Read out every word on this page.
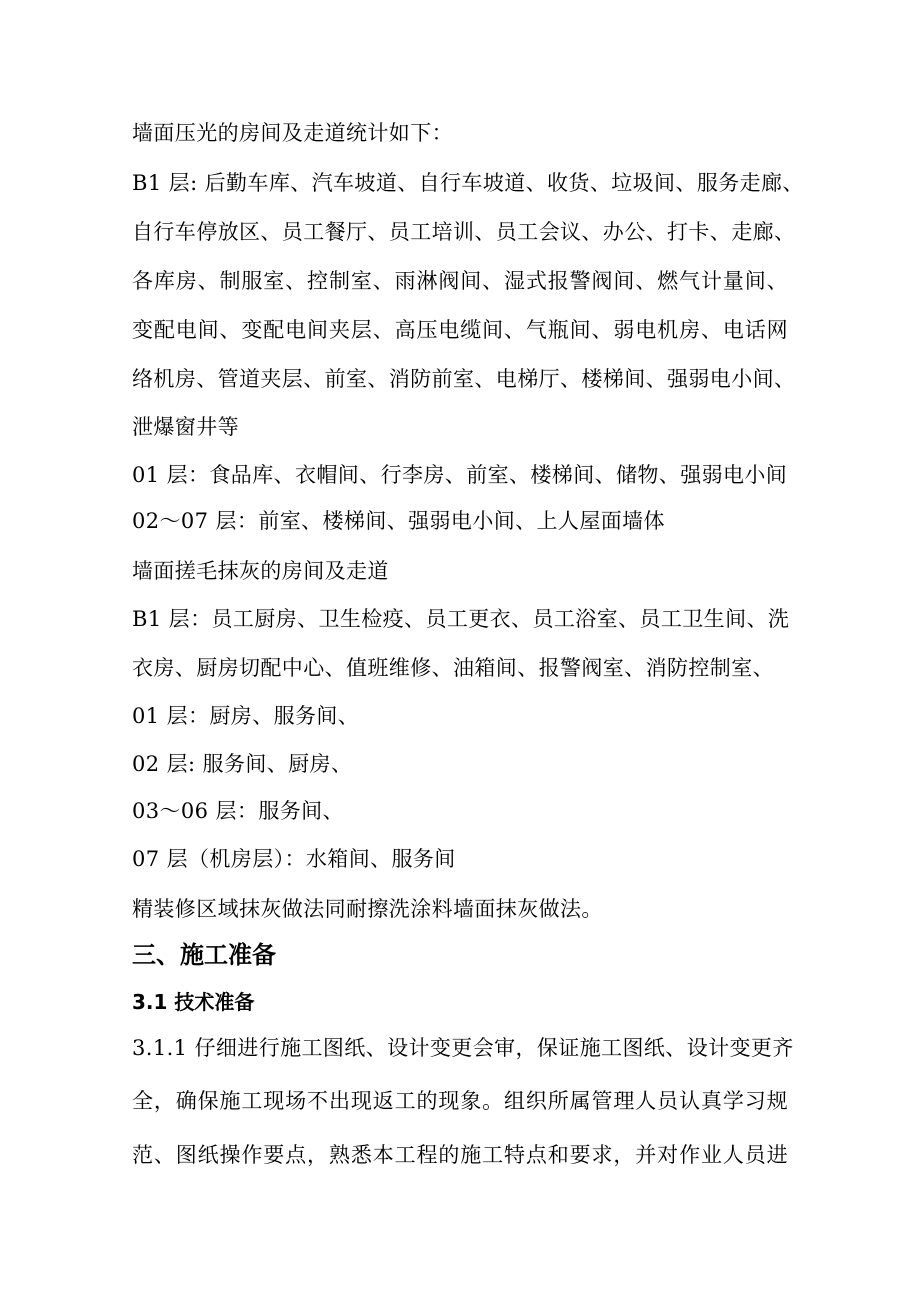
墙面压光的房间及走道统计如下：
B1 层: 后勤车库、汽车坡道、自行车坡道、收货、垃圾间、服务走廊、
自行车停放区、员工餐厅、员工培训、员工会议、办公、打卡、走廊、
各库房、制服室、控制室、雨淋阀间、湿式报警阀间、燃气计量间、
变配电间、变配电间夹层、高压电缆间、气瓶间、弱电机房、电话网
络机房、管道夹层、前室、消防前室、电梯厅、楼梯间、强弱电小间、
泄爆窗井等
01 层：食品库、衣帽间、行李房、前室、楼梯间、储物、强弱电小间
02～07 层：前室、楼梯间、强弱电小间、上人屋面墙体
墙面搓毛抹灰的房间及走道
B1 层：员工厨房、卫生检疫、员工更衣、员工浴室、员工卫生间、洗
衣房、厨房切配中心、值班维修、油箱间、报警阀室、消防控制室、
01 层：厨房、服务间、
02 层: 服务间、厨房、
03～06 层：服务间、
07 层（机房层）：水箱间、服务间
精装修区域抹灰做法同耐擦洗涂料墙面抹灰做法。
三、施工准备
3.1 技术准备
3.1.1 仔细进行施工图纸、设计变更会审，保证施工图纸、设计变更齐
全，确保施工现场不出现返工的现象。组织所属管理人员认真学习规
范、图纸操作要点，熟悉本工程的施工特点和要求，并对作业人员进
